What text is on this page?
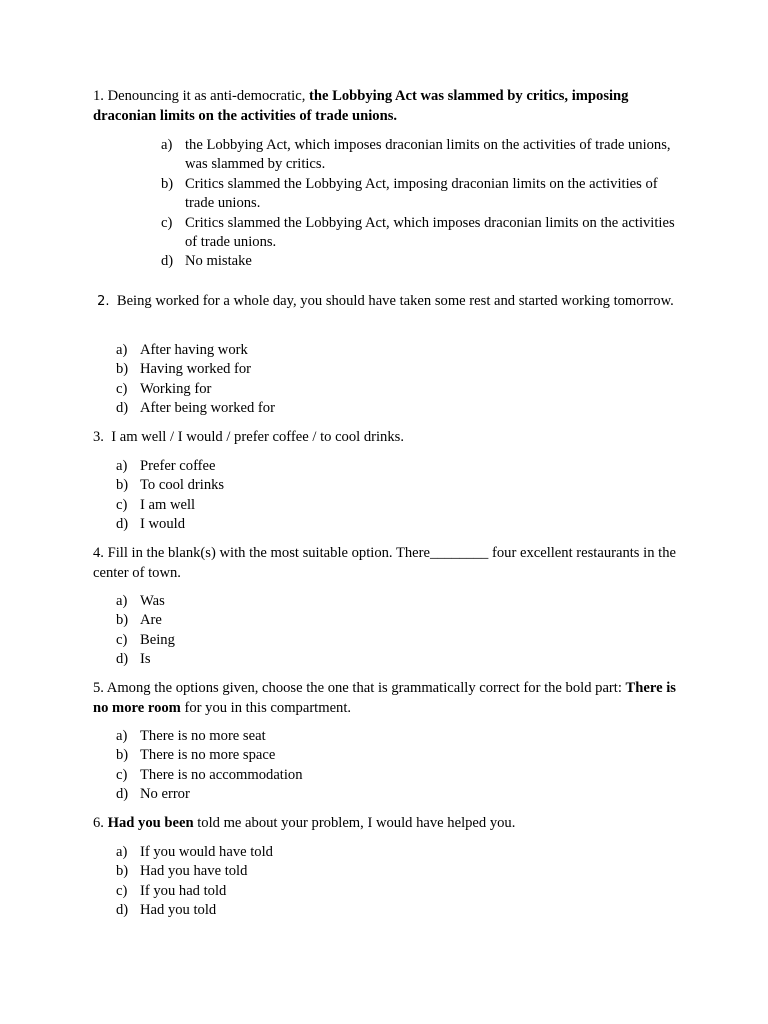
1. Denouncing it as anti-democratic, the Lobbying Act was slammed by critics, imposing draconian limits on the activities of trade unions.

a) the Lobbying Act, which imposes draconian limits on the activities of trade unions, was slammed by critics.
b) Critics slammed the Lobbying Act, imposing draconian limits on the activities of trade unions.
c) Critics slammed the Lobbying Act, which imposes draconian limits on the activities of trade unions.
d) No mistake

2.  Being worked for a whole day, you should have taken some rest and started working tomorrow.

a) After having work
b) Having worked for
c) Working for
d) After being worked for

3.  I am well / I would / prefer coffee / to cool drinks.

a) Prefer coffee
b) To cool drinks
c) I am well
d) I would

4. Fill in the blank(s) with the most suitable option. There________ four excellent restaurants in the center of town.

a) Was
b) Are
c) Being
d) Is

5. Among the options given, choose the one that is grammatically correct for the bold part: There is no more room for you in this compartment.

a) There is no more seat
b) There is no more space
c) There is no accommodation
d) No error

6. Had you been told me about your problem, I would have helped you.

a) If you would have told
b) Had you have told
c) If you had told
d) Had you told
